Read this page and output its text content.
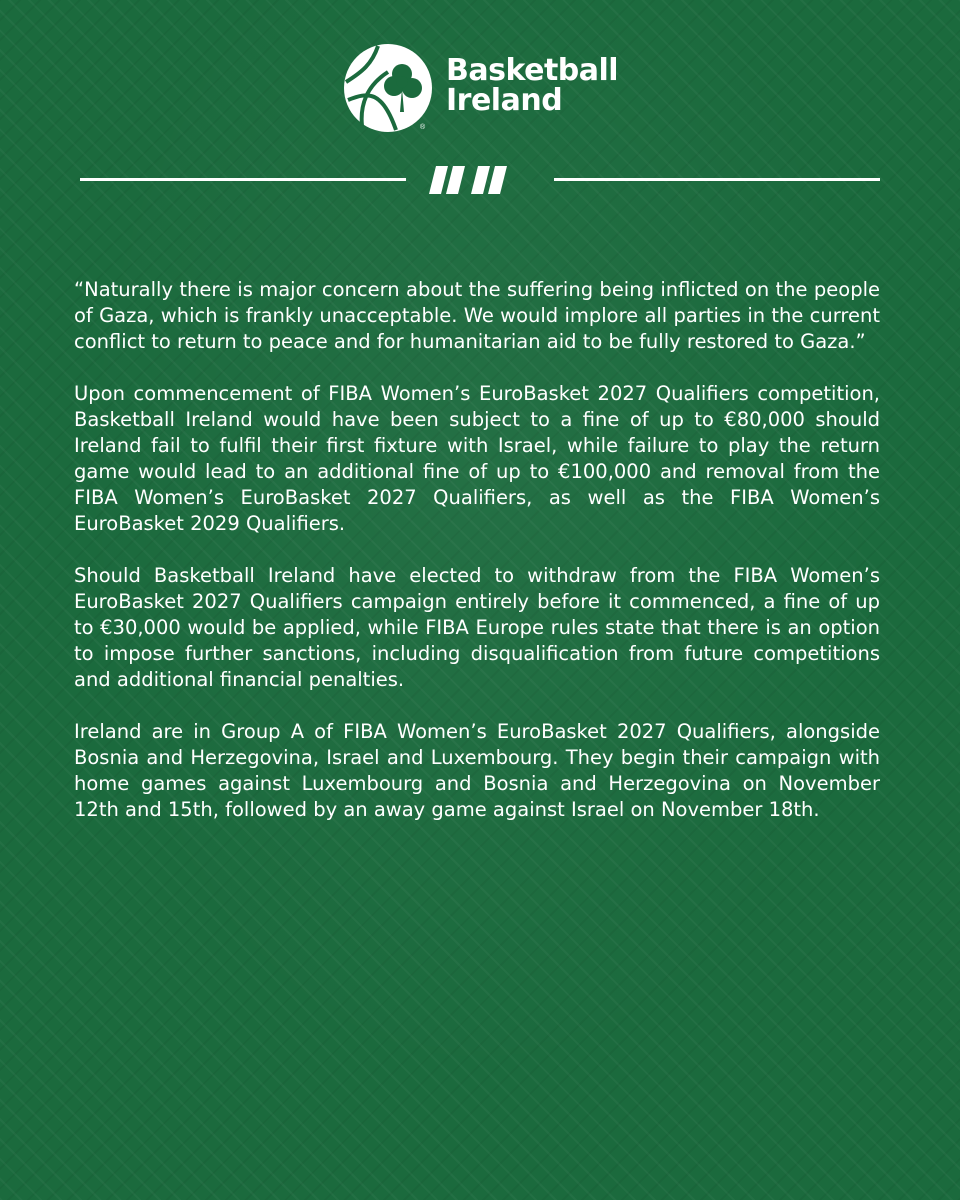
Basketball
Ireland
®

“Naturally there is major concern about the suffering being inflicted on the people of Gaza, which is frankly unacceptable. We would implore all parties in the current conflict to return to peace and for humanitarian aid to be fully restored to Gaza.”

Upon commencement of FIBA Women’s EuroBasket 2027 Qualifiers competition, Basketball Ireland would have been subject to a fine of up to €80,000 should Ireland fail to fulfil their first fixture with Israel, while failure to play the return game would lead to an additional fine of up to €100,000 and removal from the FIBA Women’s EuroBasket 2027 Qualifiers, as well as the FIBA Women’s EuroBasket 2029 Qualifiers.

Should Basketball Ireland have elected to withdraw from the FIBA Women’s EuroBasket 2027 Qualifiers campaign entirely before it commenced, a fine of up to €30,000 would be applied, while FIBA Europe rules state that there is an option to impose further sanctions, including disqualification from future competitions and additional financial penalties.

Ireland are in Group A of FIBA Women’s EuroBasket 2027 Qualifiers, alongside Bosnia and Herzegovina, Israel and Luxembourg. They begin their campaign with home games against Luxembourg and Bosnia and Herzegovina on November 12th and 15th, followed by an away game against Israel on November 18th.
